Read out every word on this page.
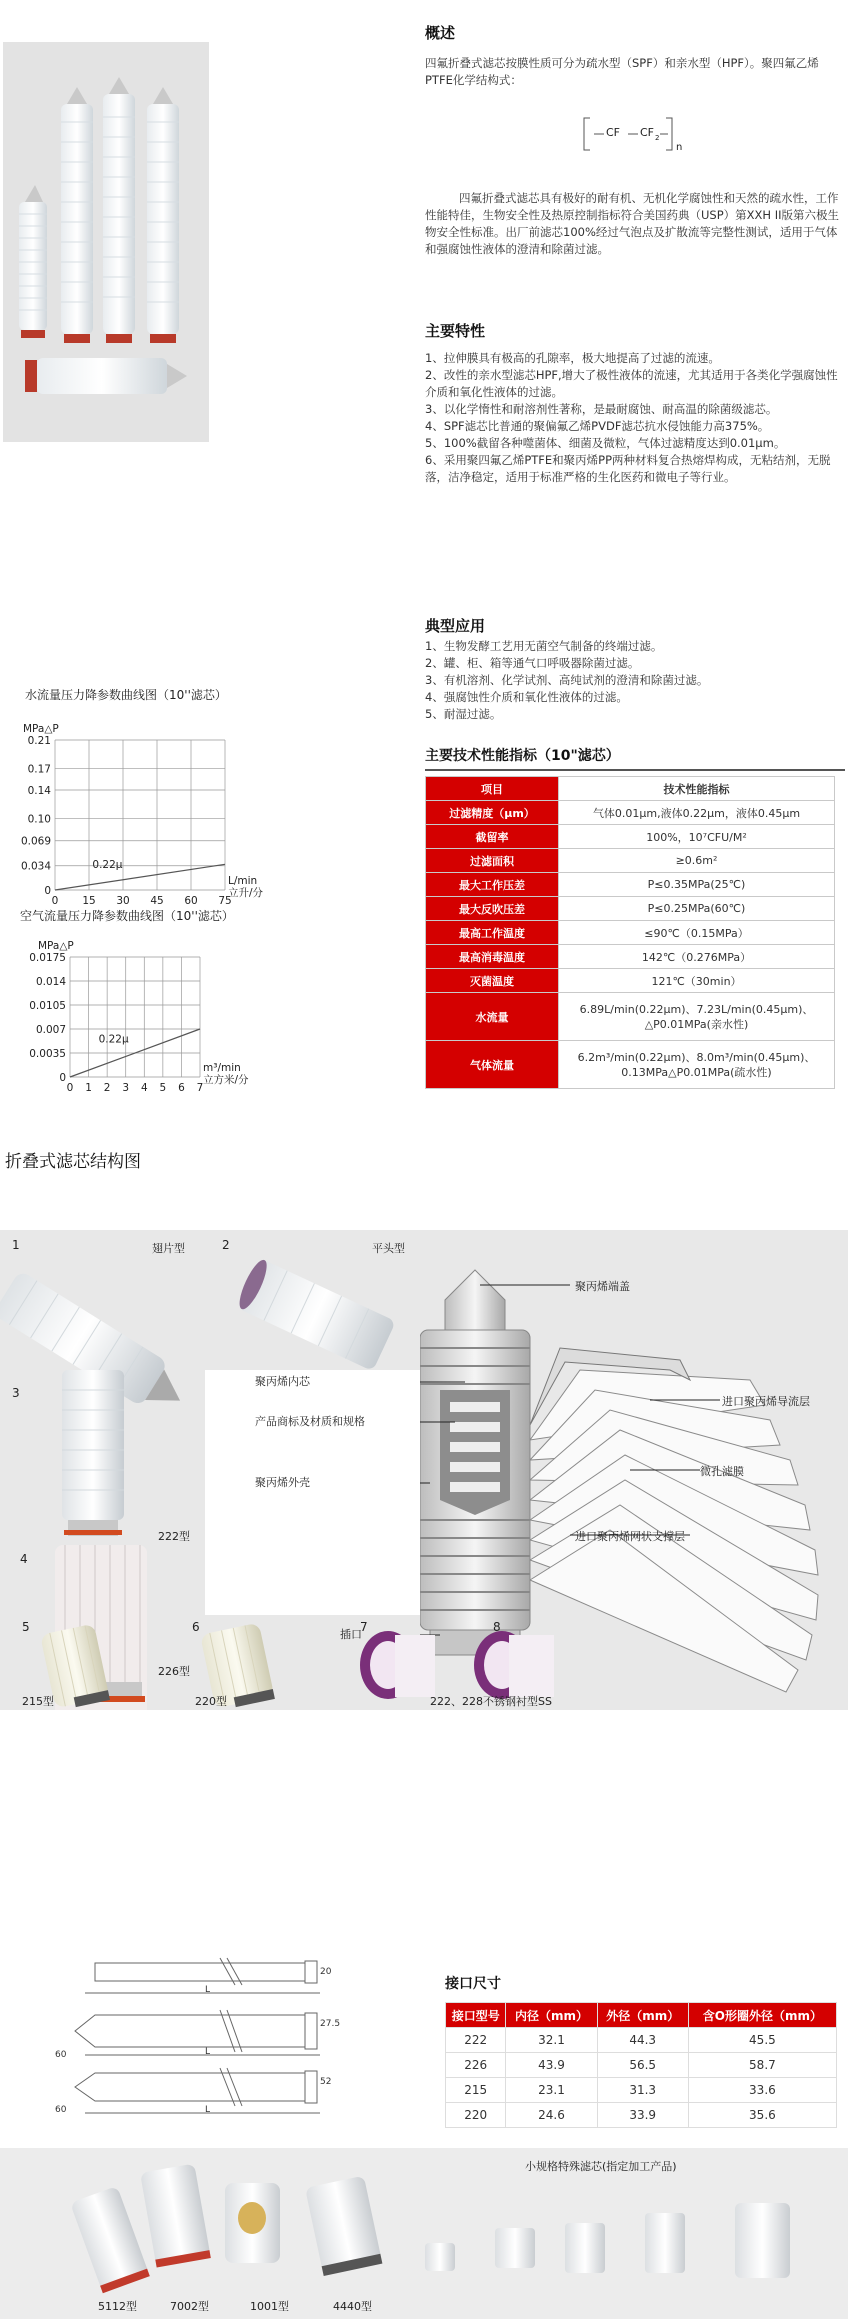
概述
四氟折叠式滤芯按膜性质可分为疏水型（SPF）和亲水型（HPF）。聚四氟乙烯PTFE化学结构式：
CF CF 2
n
四氟折叠式滤芯具有极好的耐有机、无机化学腐蚀性和天然的疏水性，工作性能特佳，生物安全性及热原控制指标符合美国药典（USP）第XXH II版第六极生物安全性标准。出厂前滤芯100%经过气泡点及扩散流等完整性测试，适用于气体和强腐蚀性液体的澄清和除菌过滤。
主要特性
1、拉伸膜具有极高的孔隙率，极大地提高了过滤的流速。
2、改性的亲水型滤芯HPF,增大了极性液体的流速，尤其适用于各类化学强腐蚀性介质和氧化性液体的过滤。
3、以化学惰性和耐溶剂性著称，是最耐腐蚀、耐高温的除菌级滤芯。
4、SPF滤芯比普通的聚偏氟乙烯PVDF滤芯抗水侵蚀能力高375%。
5、100%截留各种噬菌体、细菌及微粒，气体过滤精度达到0.01μm。
6、采用聚四氟乙烯PTFE和聚丙烯PP两种材料复合热熔焊构成，无粘结剂，无脱落，洁净稳定，适用于标准严格的生化医药和微电子等行业。
典型应用
1、生物发酵工艺用无菌空气制备的终端过滤。
2、罐、柜、箱等通气口呼吸器除菌过滤。
3、有机溶剂、化学试剂、高纯试剂的澄清和除菌过滤。
4、强腐蚀性介质和氧化性液体的过滤。
5、耐湿过滤。
主要技术性能指标（10"滤芯）
项目	技术性能指标
过滤精度（μm）	气体0.01μm,液体0.22μm，液体0.45μm
截留率	100%，10⁷CFU/M²
过滤面积	≥0.6m²
最大工作压差	P≤0.35MPa(25℃)
最大反吹压差	P≤0.25MPa(60℃)
最高工作温度	≤90℃（0.15MPa）
最高消毒温度	142℃（0.276MPa）
灭菌温度	121℃（30min）
水流量	6.89L/min(0.22μm)、7.23L/min(0.45μm)、
△P0.01MPa(亲水性)

气体流量	6.2m³/min(0.22μm)、8.0m³/min(0.45μm)、
0.13MPa△P0.01MPa(疏水性)
水流量压力降参数曲线图（10''滤芯）
0.21
0.17
0.14
0.10
0.069
0.034
0
0 15 30 45 60 75
MPa△P
L/min
立升/分
0.22μ
空气流量压力降参数曲线图（10''滤芯）
0.0175
0.014
0.0105
0.007
0.0035
0
0 1 2 3 4 5 6 7
MPa△P
m³/min
立方米/分
0.22μ
折叠式滤芯结构图
1	翅片型	2	平头型
3
222型
4
226型
聚丙烯端盖
聚丙烯内芯
产品商标及材质和规格
聚丙烯外壳
插口
进口聚丙烯导流层
微孔滤膜
进口聚丙烯网状支撑层
5
215型
6
220型
7	8
222、228不锈钢衬型SS
L
L
L
60
60
20
27.5
52
接口尺寸
接口型号	内径（mm）	外径（mm）	含O形圈外径（mm）
222	32.1	44.3	45.5
226	43.9	56.5	58.7
215	23.1	31.3	33.6
220	24.6	33.9	35.6
小规格特殊滤芯(指定加工产品)
5112型	7002型	1001型	4440型
